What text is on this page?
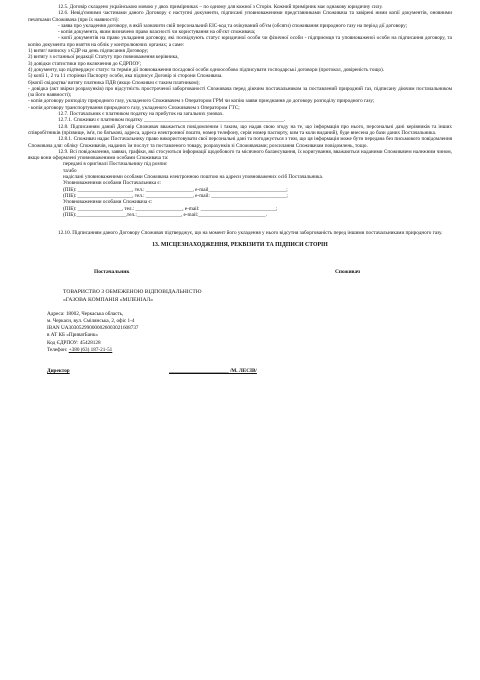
12.5. Договір складено українською мовою у двох примірниках – по одному для кожної з Сторін. Кожний примірник має однакову юридичну силу.

12.6. Невід'ємними частинами даного Договору є наступні документи, підписані уповноваженими представниками Споживача та завірені ними копії документів, оновними печатками Споживача (при їх наявності):

- заява про укладення договору, в якій зазначити свій персональний EIC-код та очікуваний об'єм (обсяги) споживання природного газу на період дії договору;

- копія документа, яким визначено право власності чи користування на об'єкт споживача;

- копії документів на право укладання договору, які посвідчують статус юридичної особи чи фізичної особи - підприємця та уповноваженої особи на підписання договору, та копію документа про взяття на облік у контролюючих органах; а саме:

1) витяг/ виписку з ЄДР на день підписання Договору;

2) витягу з останньої редакції Статуту про повноваження керівника,

3) довідки статистики про включення до ЄДРПОУ;

4) документу, що підтверджує статус та термін дії повноваження посадової особи одноособово підписувати господарські договори (протокол, довіреність тощо).

5) копії 1, 2 та 11 сторінки Паспорту особи, яка підписує Договір зі сторони Споживача.

6)копії свідоцтва/ витягу платника ПДВ (якщо Споживач є таким платником);

- довідка (акт звірки розрахунків) про відсутність простроченої заборгованості Споживача перед діючим постачальником за поставлений природний газ, підписану діючим постачальником (за його наявності);

- копія договору розподілу природного газу, укладеного Споживачем з Оператором ГРМ чи копію заяви приєднання до договору розподілу природного газу;

- копія договору транспортування природного газу, укладеного Споживачем з Оператором ГТС;

12.7. Постачальник є платником податку на прибуток на загальних умовах.

12.7.1. Споживач є платником податку ______________________________________________________.

12.8. Підписанням даний Договір Споживач вважається повідомленим і таким, що надав свою згоду на те, що інформація про нього, персональні дані керівників та інших співробітників (прізвище, ім'я, по батькові, адреса, адреса електронної пошти, номер телефону, серія номер паспорту, ким та коли виданий), буде внесена до бази даних Постачальника.

12.8.1. Споживач надає Постачальнику право використовувати свої персональні дані та погоджується з тим, що ця інформація може бути передана без письмового повідомлення Споживача для: обліку Споживачів, наданих їм послуг та поставленого товару, розрахунків зі Споживачами; розсилання Споживачам повідомлень, тощо.

12.9. Всі повідомлення, заявки, графіки, які стосуються інформації щодобового та місячного балансування, їх коригування, вважаються наданими Споживачем належним чином, якщо вони оформлені уповноваженими особами Споживача та:

передані в оригіналі Постачальнику під розпис

та/або

надіслані уповноваженими особами Споживача електронною поштою на адреси уповноважених осіб Постачальника.

Уповноваженими особами Постачальника є:

(ПІБ): _____________________, тел.: __________________, e-mail______________________________;

(ПІБ): _____________________, тел.: __________________, e-mail: _____________________________;

Уповноваженими особами Споживача є:

(ПІБ): _________________, тел.: __________________, e-mail: _____________________________;

(ПІБ):___________________,тел.:_________________, e-mail:__________________________.

12.10. Підписанням даного Договору Споживач підтверджує, що на момент його укладення у нього відсутня заборгованість перед іншими постачальниками природного газу.

13. МІСЦЕЗНАХОДЖЕННЯ, РЕКВІЗИТИ ТА ПІДПИСИ СТОРІН

Постачальник	Споживач
ТОВАРИСТВО З ОБМЕЖЕНОЮ ВІДПОВІДАЛЬНІСТЮ
«ГАЗОВА КОМПАНІЯ «МІЛЕНІАЛ»
Адреса: 18002, Черкаська область,
м. Черкаси, вул. Смілянська, 2, офіс 1-4
IBAN UA303052990000026003021608737
в АТ КБ «ПриватБанк»
Код ЄДРПОУ: 45428128
Телефон: +380 (63) 187-21-51
Директор	_______________________ /М. ЛЕСІВ/
